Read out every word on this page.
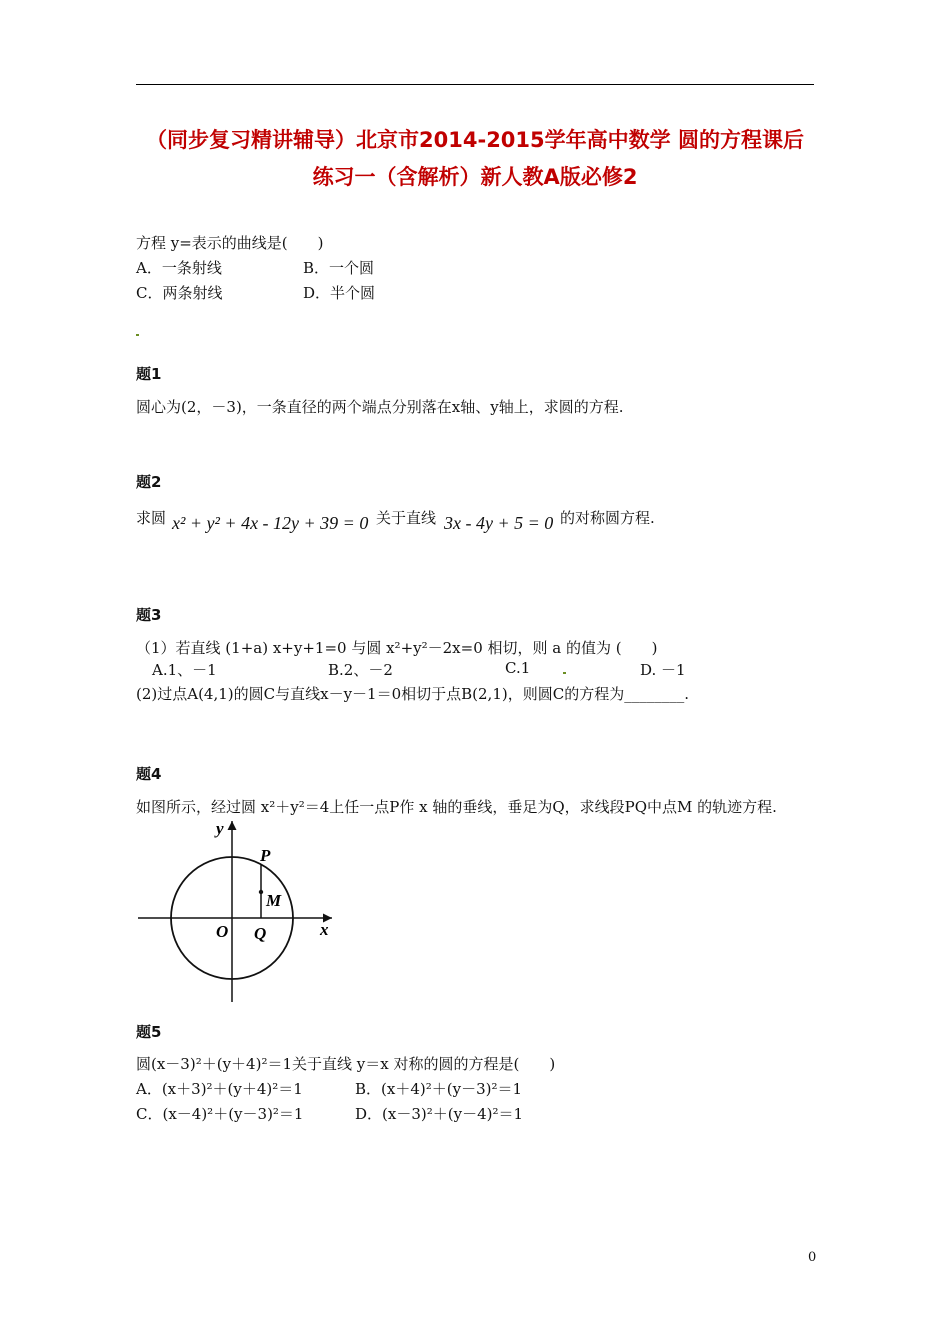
（同步复习精讲辅导）北京市2014-2015学年高中数学 圆的方程课后
练习一（含解析）新人教A版必修2
方程 y=表示的曲线是(　　)
A．一条射线	B．一个圆
C．两条射线	D．半个圆
题1
圆心为(2，－3)，一条直径的两个端点分别落在x轴、y轴上，求圆的方程.
题2
求圆 x² + y² + 4x - 12y + 39 = 0 关于直线 3x - 4y + 5 = 0 的对称圆方程.
题3
（1）若直线 (1+a) x+y+1=0 与圆 x²+y²－2x=0 相切，则 a 的值为 (　　)
A.1、－1	B.2、－2	C.1	D. －1
(2)过点A(4,1)的圆C与直线x－y－1＝0相切于点B(2,1)，则圆C的方程为________.
题4
如图所示，经过圆 x²＋y²＝4上任一点P作 x 轴的垂线，垂足为Q，求线段PQ中点M 的轨迹方程.
y
x
O
P
M
Q
题5
圆(x－3)²＋(y＋4)²＝1关于直线 y＝x 对称的圆的方程是(　　)
A．(x＋3)²＋(y＋4)²＝1	B．(x＋4)²＋(y－3)²＝1
C．(x－4)²＋(y－3)²＝1	D．(x－3)²＋(y－4)²＝1
0
